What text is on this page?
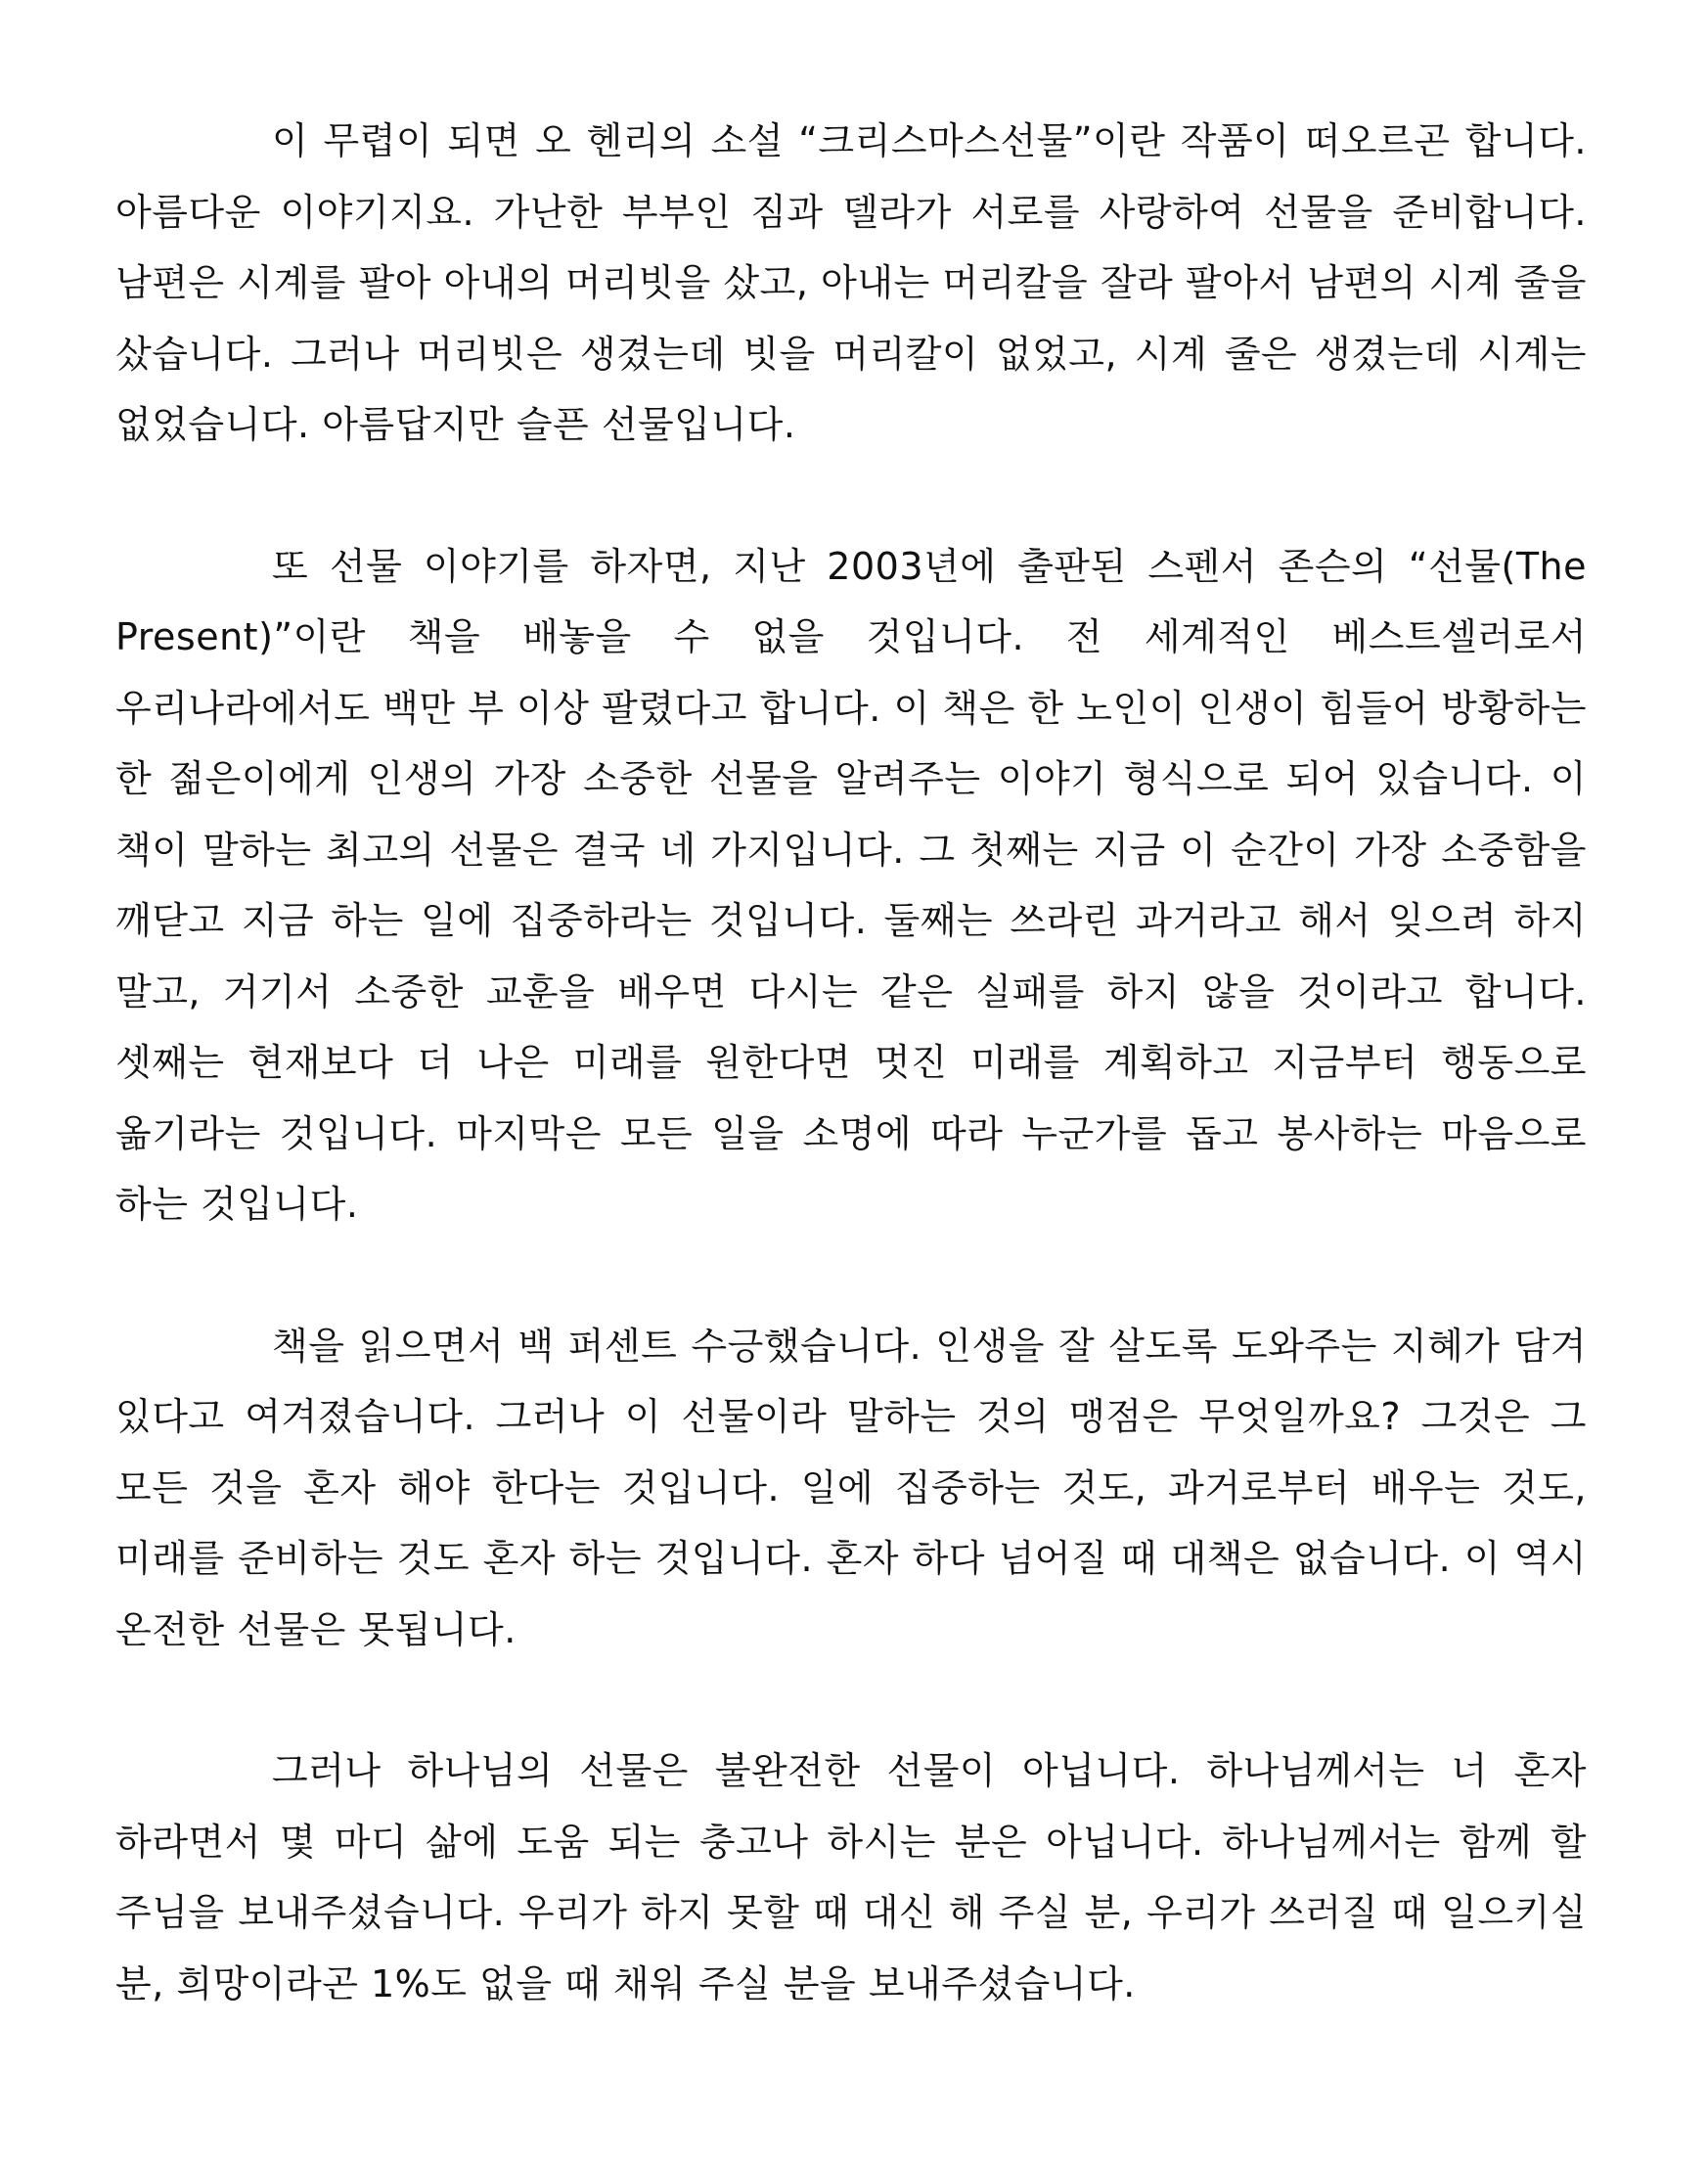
이 무렵이 되면 오 헨리의 소설 “크리스마스선물”이란 작품이 떠오르곤 합니다. 아름다운 이야기지요. 가난한 부부인 짐과 델라가 서로를 사랑하여 선물을 준비합니다. 남편은 시계를 팔아 아내의 머리빗을 샀고, 아내는 머리칼을 잘라 팔아서 남편의 시계 줄을 샀습니다. 그러나 머리빗은 생겼는데 빗을 머리칼이 없었고, 시계 줄은 생겼는데 시계는 없었습니다. 아름답지만 슬픈 선물입니다.

또 선물 이야기를 하자면, 지난 2003년에 출판된 스펜서 존슨의 “선물(The Present)”이란 책을 배놓을 수 없을 것입니다. 전 세계적인 베스트셀러로서 우리나라에서도 백만 부 이상 팔렸다고 합니다. 이 책은 한 노인이 인생이 힘들어 방황하는 한 젊은이에게 인생의 가장 소중한 선물을 알려주는 이야기 형식으로 되어 있습니다. 이 책이 말하는 최고의 선물은 결국 네 가지입니다. 그 첫째는 지금 이 순간이 가장 소중함을 깨닫고 지금 하는 일에 집중하라는 것입니다. 둘째는 쓰라린 과거라고 해서 잊으려 하지 말고, 거기서 소중한 교훈을 배우면 다시는 같은 실패를 하지 않을 것이라고 합니다. 셋째는 현재보다 더 나은 미래를 원한다면 멋진 미래를 계획하고 지금부터 행동으로 옮기라는 것입니다. 마지막은 모든 일을 소명에 따라 누군가를 돕고 봉사하는 마음으로 하는 것입니다.

책을 읽으면서 백 퍼센트 수긍했습니다. 인생을 잘 살도록 도와주는 지혜가 담겨 있다고 여겨졌습니다. 그러나 이 선물이라 말하는 것의 맹점은 무엇일까요? 그것은 그 모든 것을 혼자 해야 한다는 것입니다. 일에 집중하는 것도, 과거로부터 배우는 것도, 미래를 준비하는 것도 혼자 하는 것입니다. 혼자 하다 넘어질 때 대책은 없습니다. 이 역시 온전한 선물은 못됩니다.

그러나 하나님의 선물은 불완전한 선물이 아닙니다. 하나님께서는 너 혼자 하라면서 몇 마디 삶에 도움 되는 충고나 하시는 분은 아닙니다. 하나님께서는 함께 할 주님을 보내주셨습니다. 우리가 하지 못할 때 대신 해 주실 분, 우리가 쓰러질 때 일으키실 분, 희망이라곤 1%도 없을 때 채워 주실 분을 보내주셨습니다.
